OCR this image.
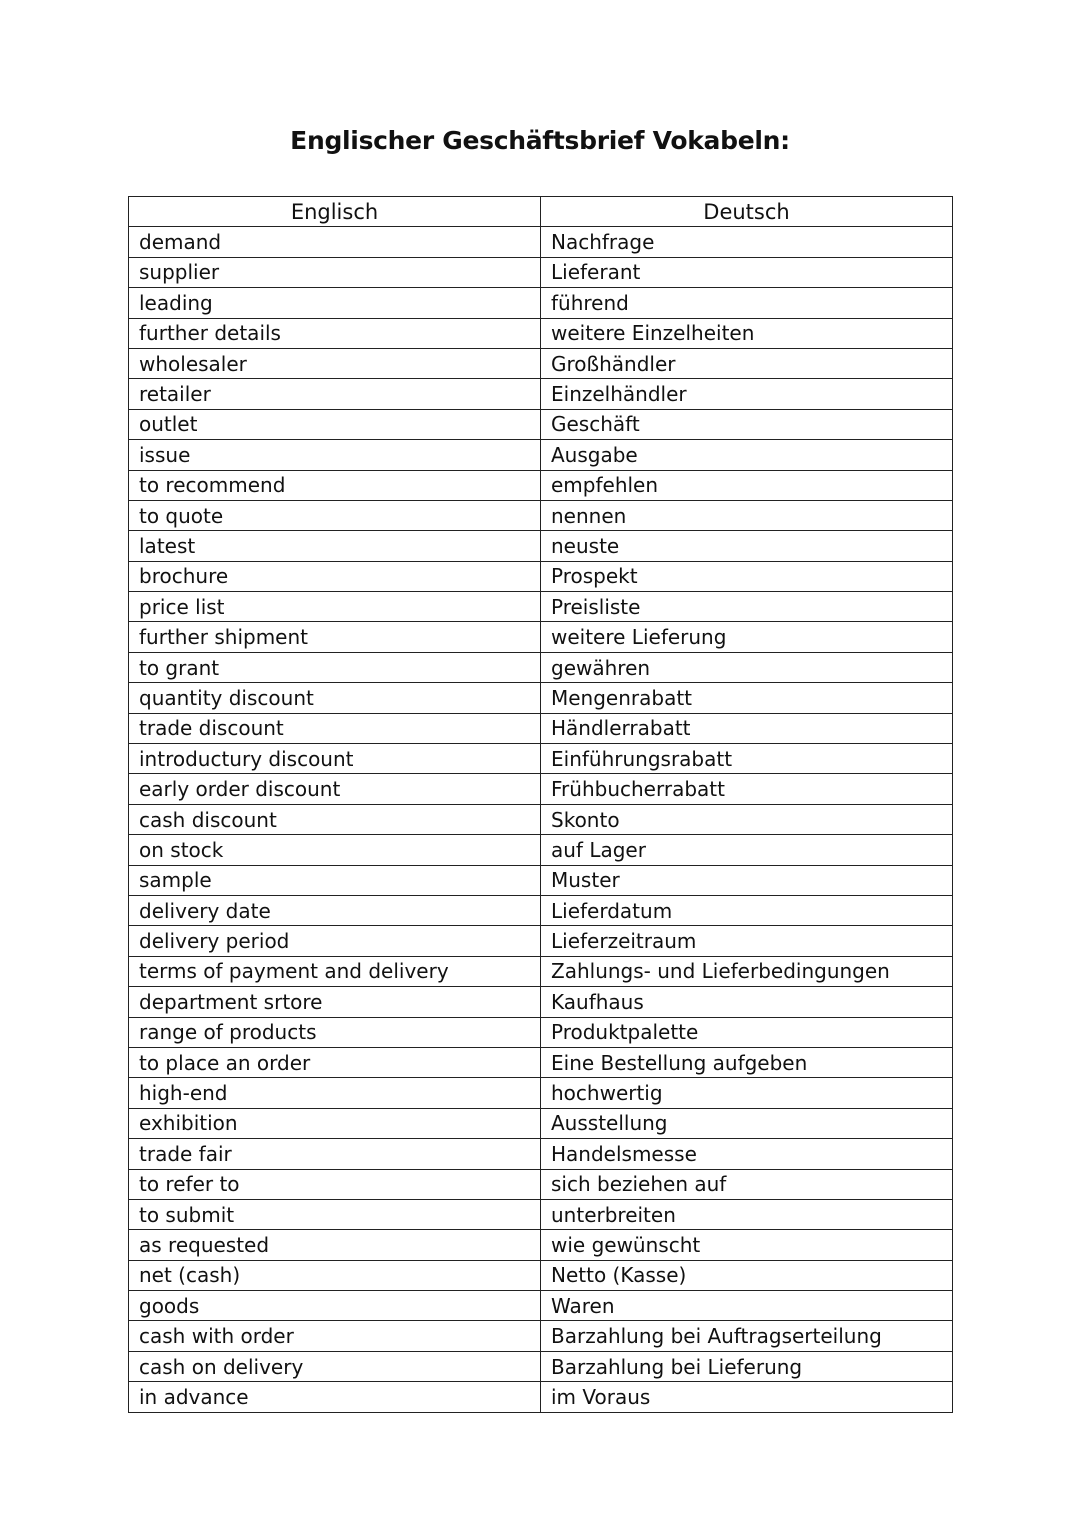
Englischer Geschäftsbrief Vokabeln:
Englisch	Deutsch
demand	Nachfrage
supplier	Lieferant
leading	führend
further details	weitere Einzelheiten
wholesaler	Großhändler
retailer	Einzelhändler
outlet	Geschäft
issue	Ausgabe
to recommend	empfehlen
to quote	nennen
latest	neuste
brochure	Prospekt
price list	Preisliste
further shipment	weitere Lieferung
to grant	gewähren
quantity discount	Mengenrabatt
trade discount	Händlerrabatt
introductury discount	Einführungsrabatt
early order discount	Frühbucherrabatt
cash discount	Skonto
on stock	auf Lager
sample	Muster
delivery date	Lieferdatum
delivery period	Lieferzeitraum
terms of payment and delivery	Zahlungs- und Lieferbedingungen
department srtore	Kaufhaus
range of products	Produktpalette
to place an order	Eine Bestellung aufgeben
high-end	hochwertig
exhibition	Ausstellung
trade fair	Handelsmesse
to refer to	sich beziehen auf
to submit	unterbreiten
as requested	wie gewünscht
net (cash)	Netto (Kasse)
goods	Waren
cash with order	Barzahlung bei Auftragserteilung
cash on delivery	Barzahlung bei Lieferung
in advance	im Voraus
